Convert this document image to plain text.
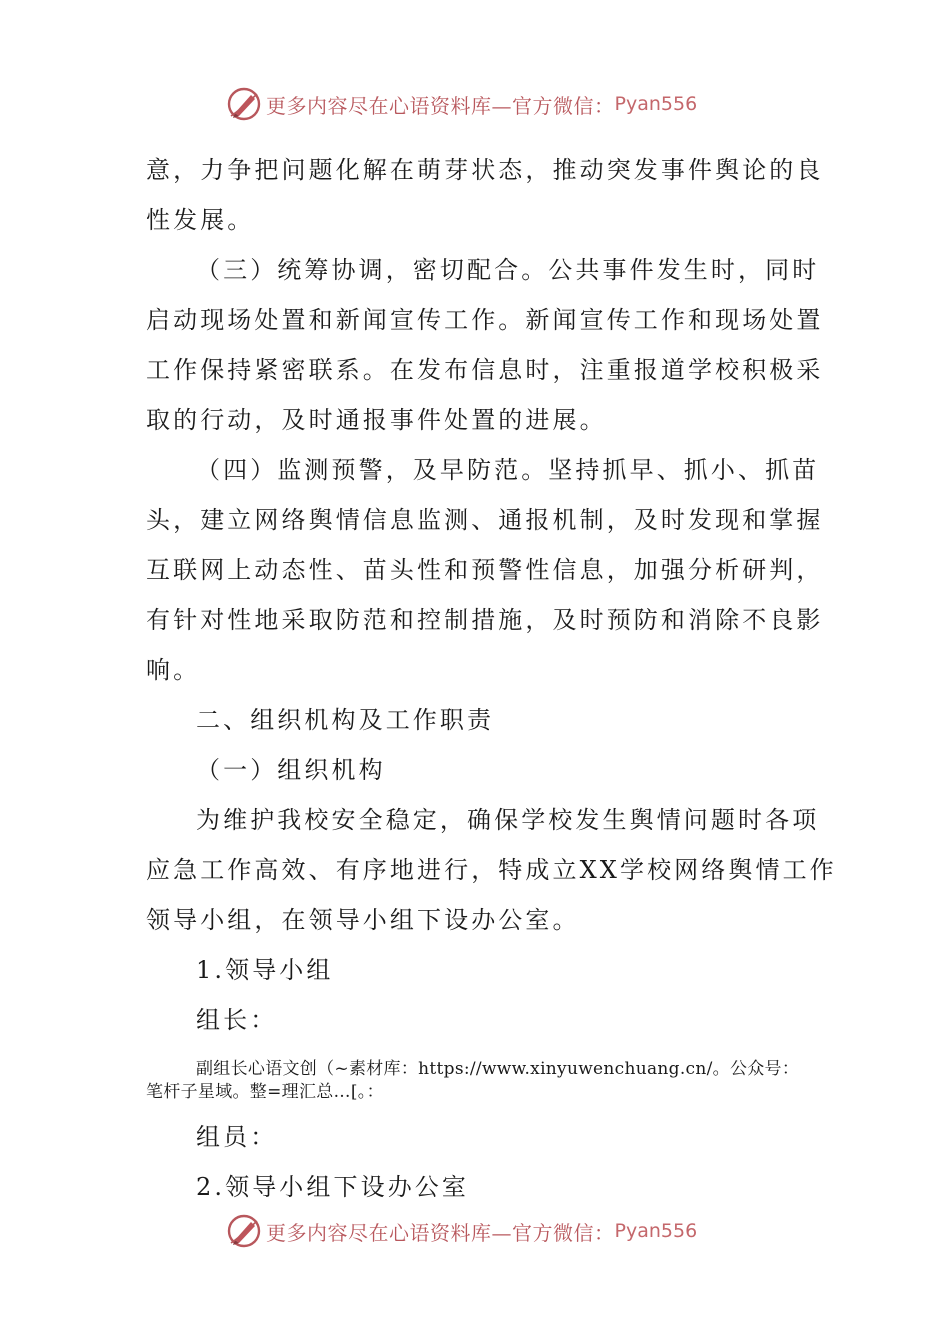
更多内容尽在心语资料库—官方微信： Pyan556
意，力争把问题化解在萌芽状态，推动突发事件舆论的良
性发展。
（三）统筹协调，密切配合。公共事件发生时，同时
启动现场处置和新闻宣传工作。新闻宣传工作和现场处置
工作保持紧密联系。在发布信息时，注重报道学校积极采
取的行动，及时通报事件处置的进展。
（四）监测预警，及早防范。坚持抓早、抓小、抓苗
头，建立网络舆情信息监测、通报机制，及时发现和掌握
互联网上动态性、苗头性和预警性信息，加强分析研判，
有针对性地采取防范和控制措施，及时预防和消除不良影
响。
二、组织机构及工作职责
（一）组织机构
为维护我校安全稳定，确保学校发生舆情问题时各项
应急工作高效、有序地进行，特成立XX学校网络舆情工作
领导小组，在领导小组下设办公室。
1.领导小组
组长：
副组长心语文创（~素材库：https://www.xinyuwenchuang.cn/。公众号：
笔杆子星域。整=理汇总…[。：
组员：
2.领导小组下设办公室
更多内容尽在心语资料库—官方微信： Pyan556
